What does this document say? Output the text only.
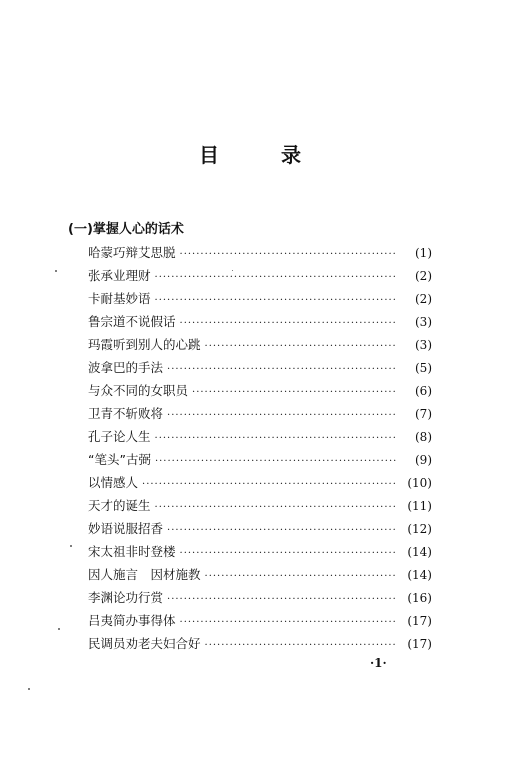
目	录
(一)掌握人心的话术
哈蒙巧辩艾思脱 ·····	(1)
张承业理财 ·····	(2)
卡耐基妙语 ·····	(2)
鲁宗道不说假话 ·····	(3)
玛霞听到别人的心跳 ·····	(3)
波拿巴的手法 ·····	(5)
与众不同的女职员 ·····	(6)
卫青不斩败将 ·····	(7)
孔子论人生 ·····	(8)
“笔头”古弼 ·····	(9)
以情感人 ·····	(10)
天才的诞生 ·····	(11)
妙语说服招香 ·····	(12)
宋太祖非时登楼 ·····	(14)
因人施言　因材施教 ·····	(14)
李渊论功行赏 ·····	(16)
吕夷简办事得体 ·····	(17)
民调员劝老夫妇合好 ·····	(17)
·1·
